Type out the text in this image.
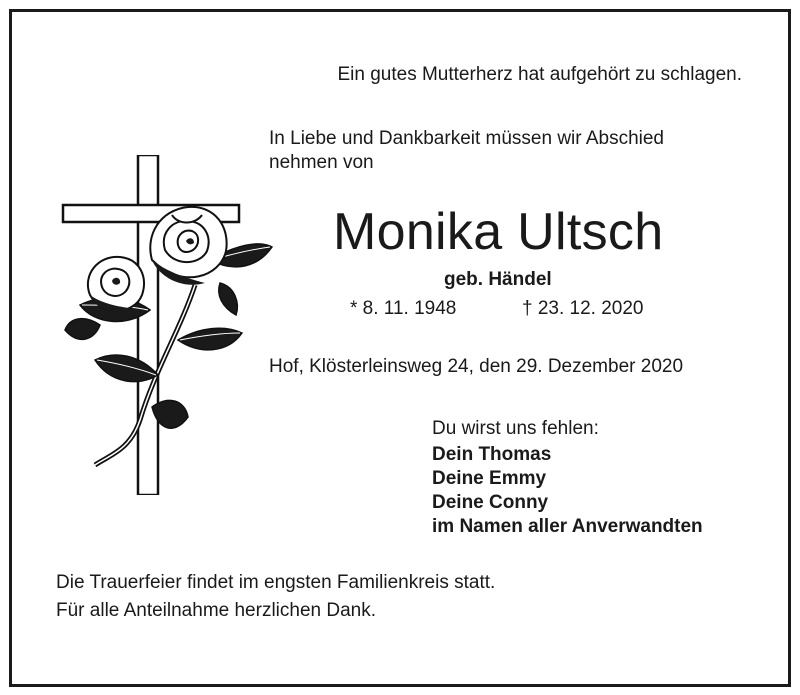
Ein gutes Mutterherz hat aufgehört zu schlagen.
In Liebe und Dankbarkeit müssen wir Abschied
nehmen von
Monika Ultsch
geb. Händel
* 8. 11. 1948	† 23. 12. 2020
Hof, Klösterleinsweg 24, den 29. Dezember 2020
Du wirst uns fehlen:
Dein Thomas
Deine Emmy
Deine Conny
im Namen aller Anverwandten
Die Trauerfeier findet im engsten Familienkreis statt.
Für alle Anteilnahme herzlichen Dank.
